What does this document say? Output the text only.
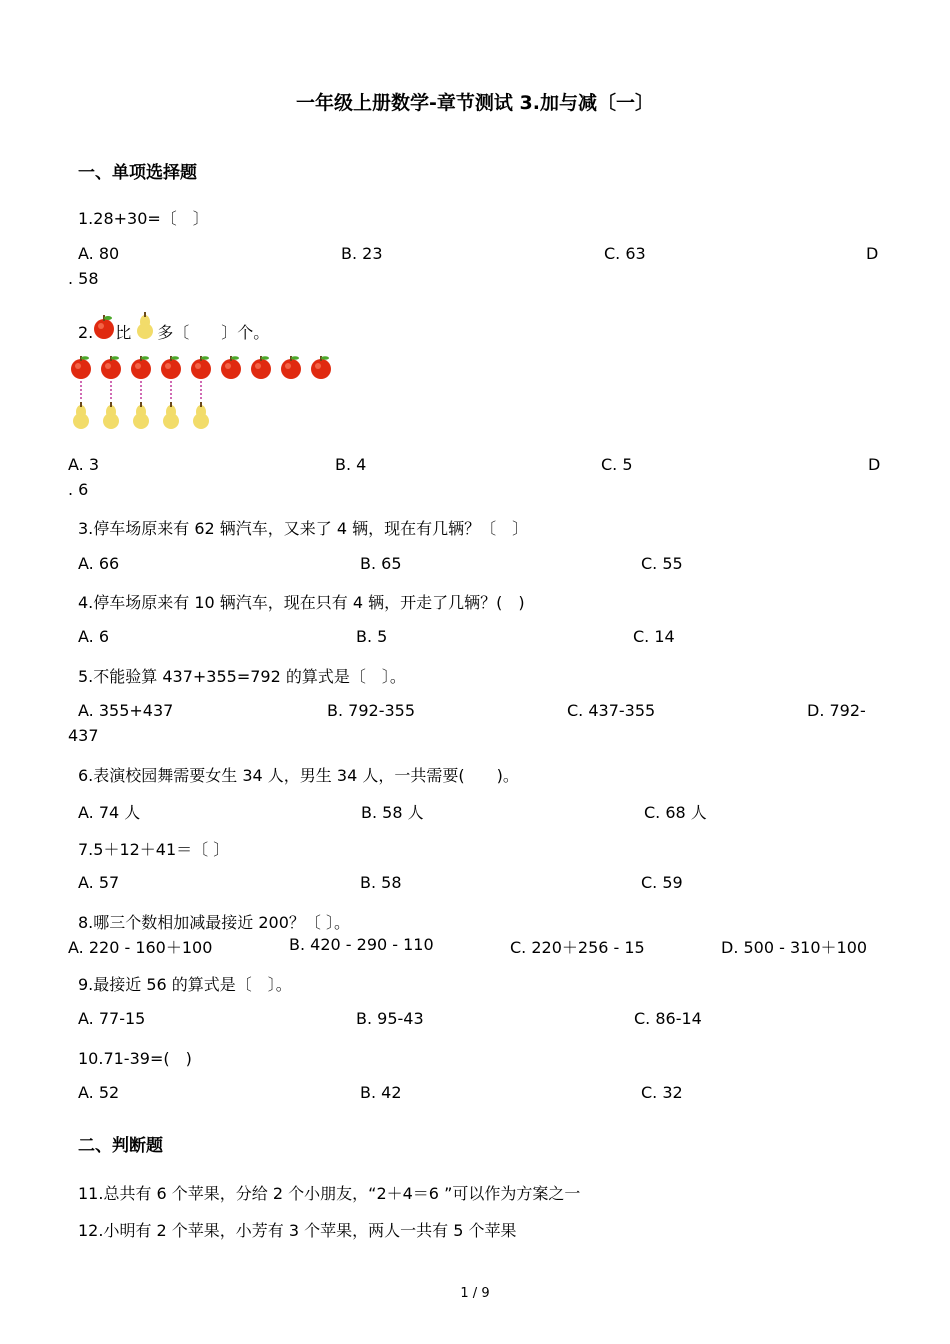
一年级上册数学-章节测试 3.加与减〔一〕
一、单项选择题
1.28+30=〔　〕
A. 80	B. 23	C. 63	D
. 58
2. 比 多〔　　〕个。
A. 3	B. 4	C. 5	D
. 6
3.停车场原来有 62 辆汽车，又来了 4 辆，现在有几辆？〔　〕
A. 66	B. 65	C. 55
4.停车场原来有 10 辆汽车，现在只有 4 辆，开走了几辆？(　)
A. 6	B. 5	C. 14
5.不能验算 437+355=792 的算式是〔　〕。
A. 355+437	B. 792-355	C. 437-355	D. 792-
437
6.表演校园舞需要女生 34 人，男生 34 人，一共需要(　　)。
A. 74 人	B. 58 人	C. 68 人
7.5＋12＋41＝〔 〕
A. 57	B. 58	C. 59
8.哪三个数相加减最接近 200？〔 〕。
A. 220 - 160＋100	B. 420 - 290 - 110	C. 220＋256 - 15	D. 500 - 310＋100
9.最接近 56 的算式是〔　〕。
A. 77-15	B. 95-43	C. 86-14
10.71-39=(　)
A. 52	B. 42	C. 32
二、判断题
11.总共有 6 个苹果，分给 2 个小朋友，“2＋4＝6 ”可以作为方案之一
12.小明有 2 个苹果，小芳有 3 个苹果，两人一共有 5 个苹果
1 / 9
